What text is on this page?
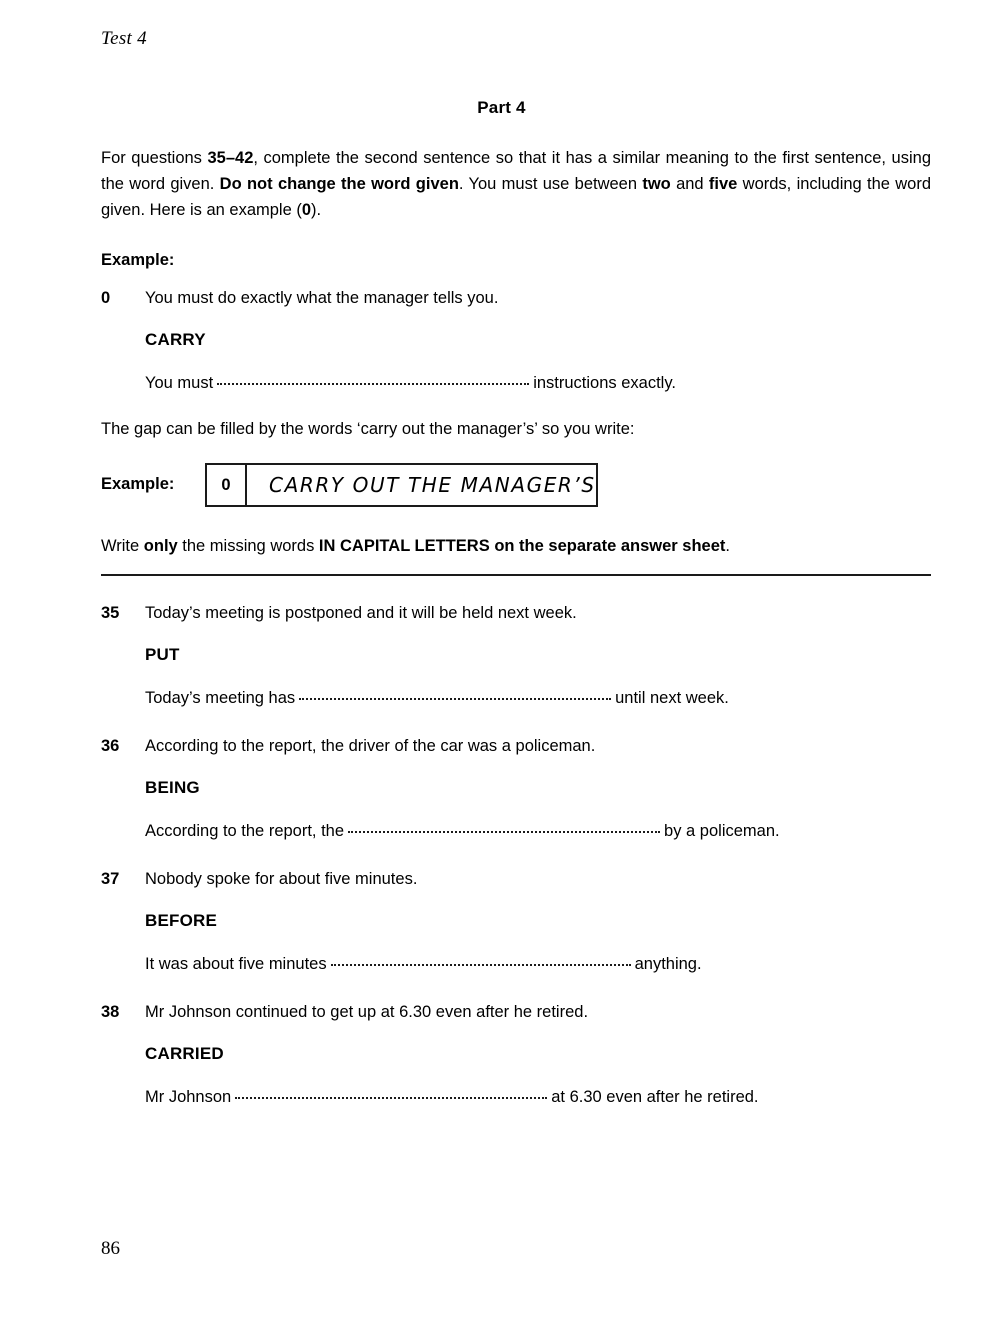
Test 4
Part 4

For questions 35–42, complete the second sentence so that it has a similar meaning to the first sentence, using the word given. Do not change the word given. You must use between two and five words, including the word given. Here is an example (0).

Example:
0	You must do exactly what the manager tells you.
CARRY
You must	instructions exactly.
The gap can be filled by the words ‘carry out the manager’s’ so you write:
Example:	0	CARRY OUT THE MANAGER’S
Write only the missing words IN CAPITAL LETTERS on the separate answer sheet.
35	Today’s meeting is postponed and it will be held next week.
PUT
Today’s meeting has	until next week.
36	According to the report, the driver of the car was a policeman.
BEING
According to the report, the	by a policeman.
37	Nobody spoke for about five minutes.
BEFORE
It was about five minutes	anything.
38	Mr Johnson continued to get up at 6.30 even after he retired.
CARRIED
Mr Johnson	at 6.30 even after he retired.
86
